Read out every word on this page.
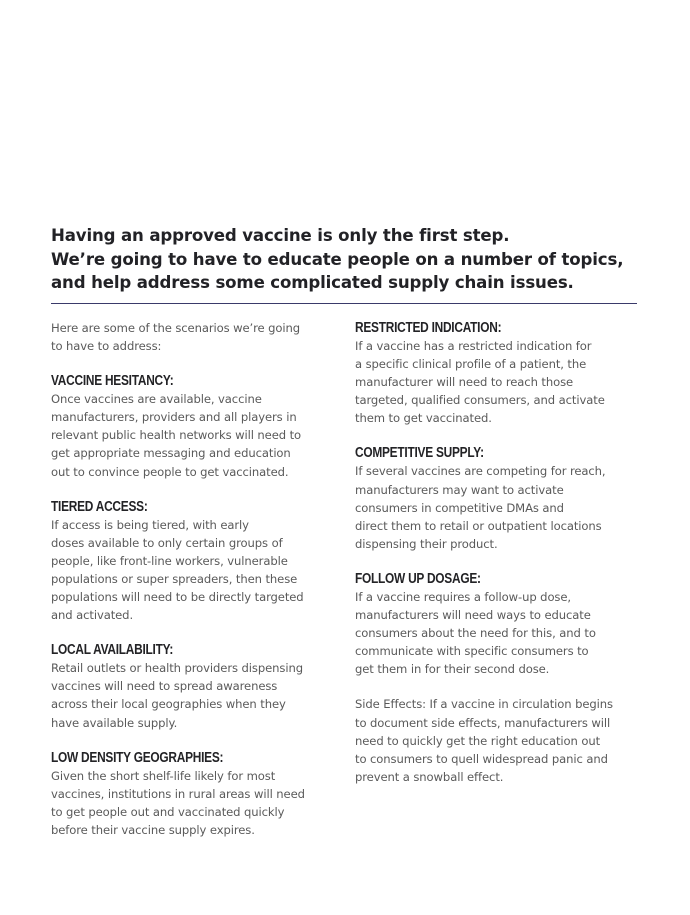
Having an approved vaccine is only the first step.
We’re going to have to educate people on a number of topics,
and help address some complicated supply chain issues.
Here are some of the scenarios we’re going
to have to address:
VACCINE HESITANCY:
Once vaccines are available, vaccine
manufacturers, providers and all players in
relevant public health networks will need to
get appropriate messaging and education
out to convince people to get vaccinated.
TIERED ACCESS:
If access is being tiered, with early
doses available to only certain groups of
people, like front-line workers, vulnerable
populations or super spreaders, then these
populations will need to be directly targeted
and activated.
LOCAL AVAILABILITY:
Retail outlets or health providers dispensing
vaccines will need to spread awareness
across their local geographies when they
have available supply.
LOW DENSITY GEOGRAPHIES:
Given the short shelf-life likely for most
vaccines, institutions in rural areas will need
to get people out and vaccinated quickly
before their vaccine supply expires.
RESTRICTED INDICATION:
If a vaccine has a restricted indication for
a specific clinical profile of a patient, the
manufacturer will need to reach those
targeted, qualified consumers, and activate
them to get vaccinated.
COMPETITIVE SUPPLY:
If several vaccines are competing for reach,
manufacturers may want to activate
consumers in competitive DMAs and
direct them to retail or outpatient locations
dispensing their product.
FOLLOW UP DOSAGE:
If a vaccine requires a follow-up dose,
manufacturers will need ways to educate
consumers about the need for this, and to
communicate with specific consumers to
get them in for their second dose.
Side Effects: If a vaccine in circulation begins
to document side effects, manufacturers will
need to quickly get the right education out
to consumers to quell widespread panic and
prevent a snowball effect.
